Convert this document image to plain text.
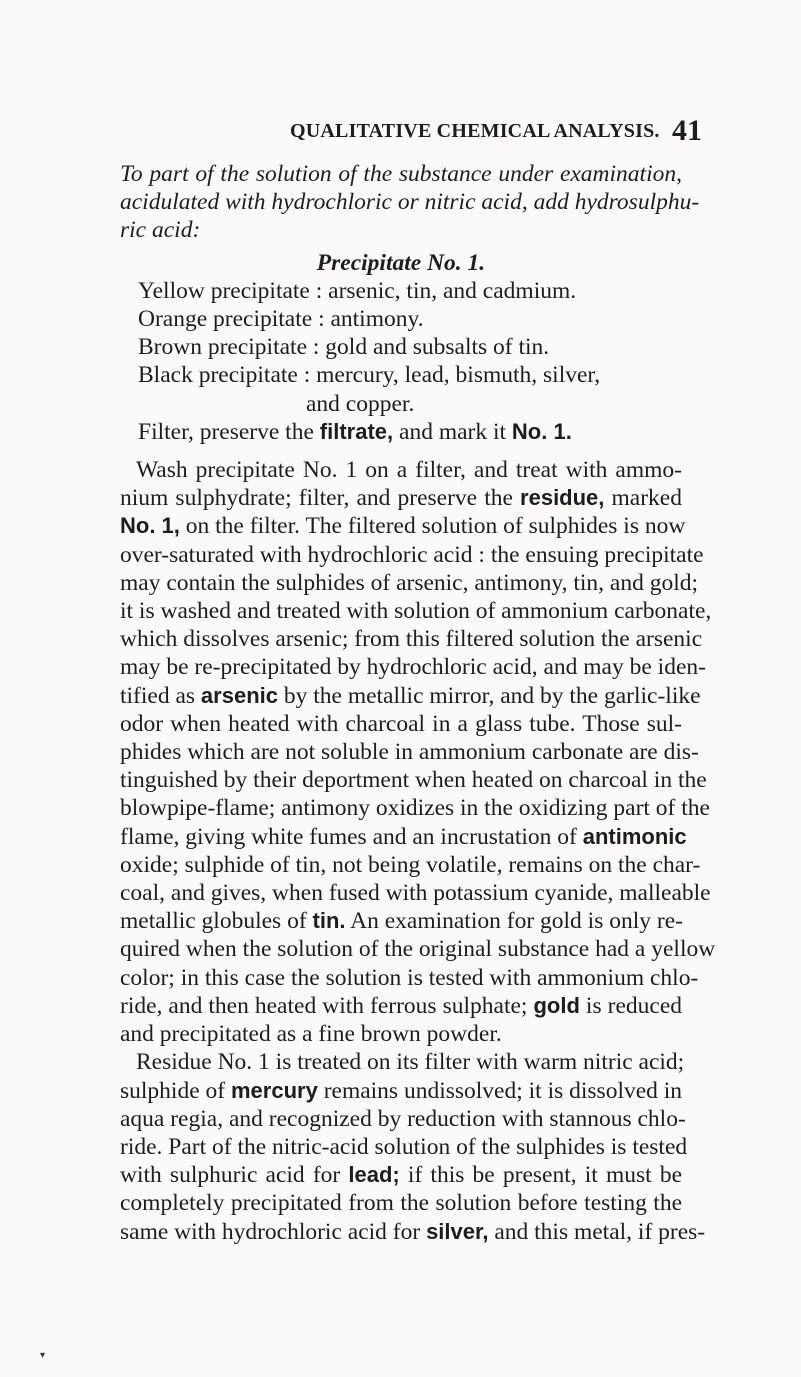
QUALITATIVE CHEMICAL ANALYSIS. 41
To part of the solution of the substance under examination,
acidulated with hydrochloric or nitric acid, add hydrosulphu-
ric acid:
Precipitate No. 1.
Yellow precipitate : arsenic, tin, and cadmium.
Orange precipitate : antimony.
Brown precipitate : gold and subsalts of tin.
Black precipitate : mercury, lead, bismuth, silver,
and copper.
Filter, preserve the filtrate, and mark it No. 1.
Wash precipitate No. 1 on a filter, and treat with ammo-
nium sulphydrate; filter, and preserve the residue, marked
No. 1, on the filter. The filtered solution of sulphides is now
over-saturated with hydrochloric acid : the ensuing precipitate
may contain the sulphides of arsenic, antimony, tin, and gold;
it is washed and treated with solution of ammonium carbonate,
which dissolves arsenic; from this filtered solution the arsenic
may be re-precipitated by hydrochloric acid, and may be iden-
tified as arsenic by the metallic mirror, and by the garlic-like
odor when heated with charcoal in a glass tube. Those sul-
phides which are not soluble in ammonium carbonate are dis-
tinguished by their deportment when heated on charcoal in the
blowpipe-flame; antimony oxidizes in the oxidizing part of the
flame, giving white fumes and an incrustation of antimonic
oxide; sulphide of tin, not being volatile, remains on the char-
coal, and gives, when fused with potassium cyanide, malleable
metallic globules of tin. An examination for gold is only re-
quired when the solution of the original substance had a yellow
color; in this case the solution is tested with ammonium chlo-
ride, and then heated with ferrous sulphate; gold is reduced
and precipitated as a fine brown powder.
Residue No. 1 is treated on its filter with warm nitric acid;
sulphide of mercury remains undissolved; it is dissolved in
aqua regia, and recognized by reduction with stannous chlo-
ride. Part of the nitric-acid solution of the sulphides is tested
with sulphuric acid for lead; if this be present, it must be
completely precipitated from the solution before testing the
same with hydrochloric acid for silver, and this metal, if pres-
▾
